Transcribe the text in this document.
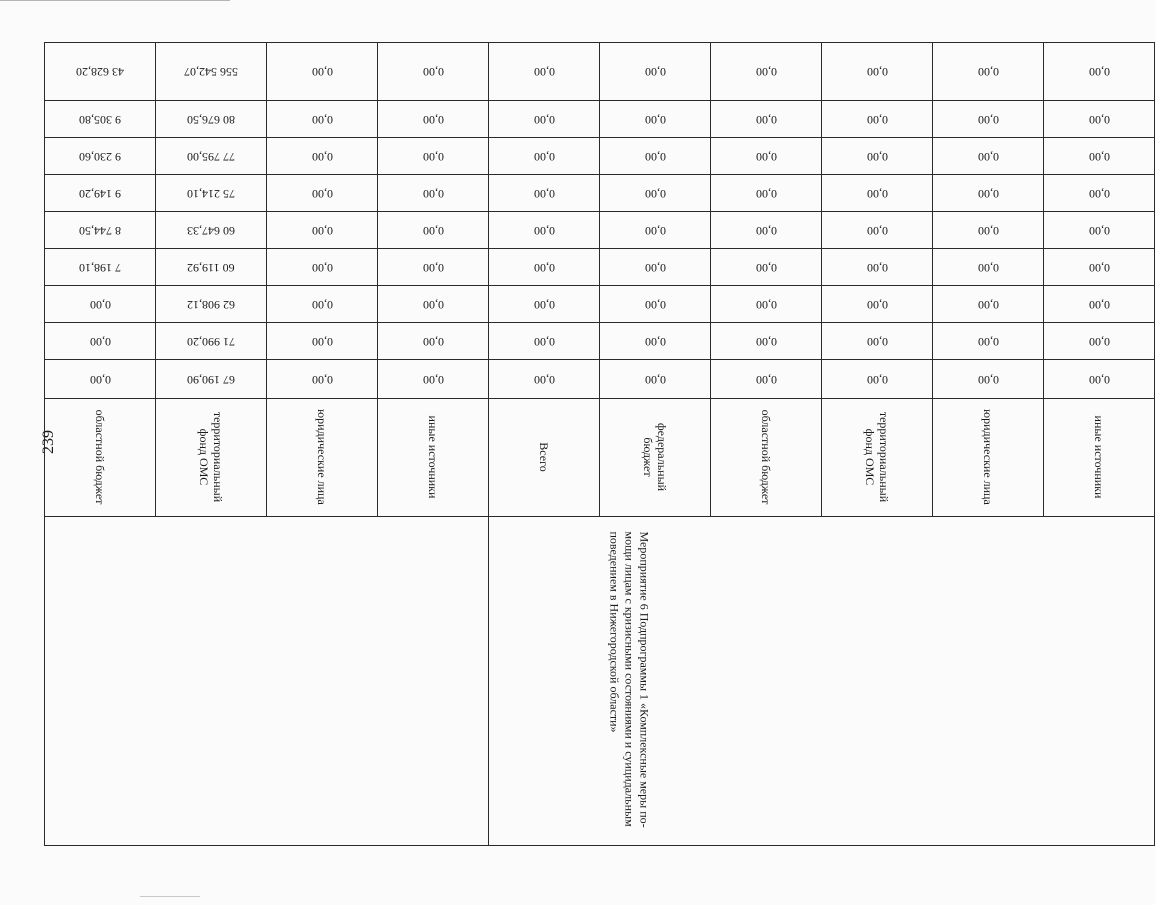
239
43 628,20	556 542,07	0,00	0,00	0,00	0,00	0,00	0,00	0,00	0,00
9 305,80	80 676,50	0,00	0,00	0,00	0,00	0,00	0,00	0,00	0,00
9 230,60	77 795,00	0,00	0,00	0,00	0,00	0,00	0,00	0,00	0,00
9 149,20	75 214,10	0,00	0,00	0,00	0,00	0,00	0,00	0,00	0,00
8 744,50	60 647,33	0,00	0,00	0,00	0,00	0,00	0,00	0,00	0,00
7 198,10	60 119,92	0,00	0,00	0,00	0,00	0,00	0,00	0,00	0,00
0,00	62 908,12	0,00	0,00	0,00	0,00	0,00	0,00	0,00	0,00
0,00	71 990,20	0,00	0,00	0,00	0,00	0,00	0,00	0,00	0,00
0,00	67 190,90	0,00	0,00	0,00	0,00	0,00	0,00	0,00	0,00
областной бюджет	территориальный фонд ОМС	юридические лица	иные источники	Всего	федеральный бюджет	областной бюджет	территориальный фонд ОМС	юридические лица	иные источники
				Мероприятие 6 Подпрограммы 1 «Комплексные меры по-мощи лицам с кризисными состояниями и суицидальным поведением в Нижегородской области»					
